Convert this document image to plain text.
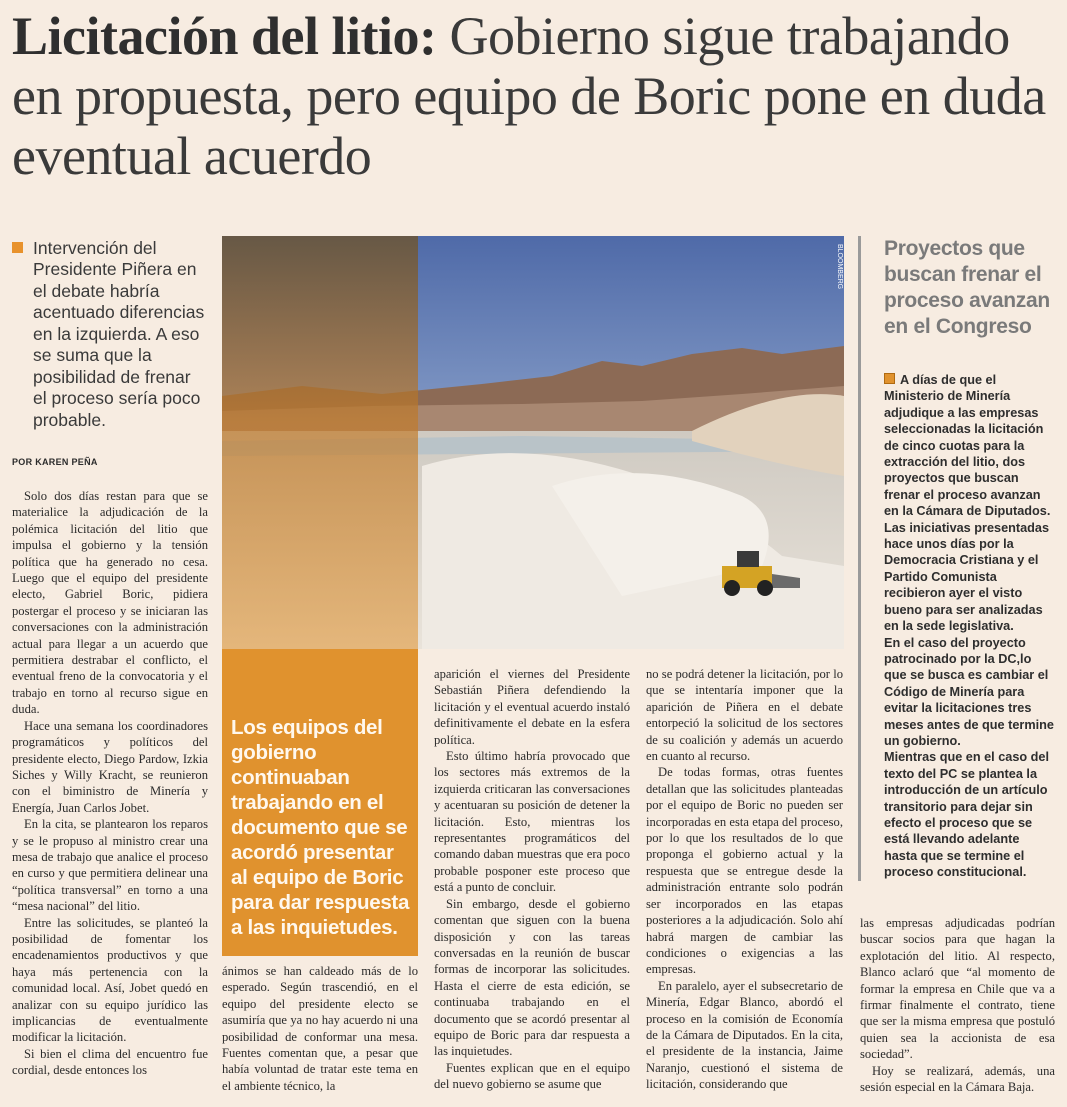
Licitación del litio: Gobierno sigue trabajando en propuesta, pero equipo de Boric pone en duda eventual acuerdo
Intervención del Presidente Piñera en el debate habría acentuado diferencias en la izquierda. A eso se suma que la posibilidad de frenar el proceso sería poco probable.
POR KAREN PEÑA

Solo dos días restan para que se materialice la adjudicación de la polémica licitación del litio que impulsa el gobierno y la tensión política que ha generado no cesa. Luego que el equipo del presidente electo, Gabriel Boric, pidiera postergar el proceso y se iniciaran las conversaciones con la administración actual para llegar a un acuerdo que permitiera destrabar el conflicto, el eventual freno de la convocatoria y el trabajo en torno al recurso sigue en duda.

Hace una semana los coordinadores programáticos y políticos del presidente electo, Diego Pardow, Izkia Siches y Willy Kracht, se reunieron con el biministro de Minería y Energía, Juan Carlos Jobet.

En la cita, se plantearon los reparos y se le propuso al ministro crear una mesa de trabajo que analice el proceso en curso y que permitiera delinear una “política transversal” en torno a una “mesa nacional” del litio.

Entre las solicitudes, se planteó la posibilidad de fomentar los encadenamientos productivos y que haya más pertenencia con la comunidad local. Así, Jobet quedó en analizar con su equipo jurídico las implicancias de eventualmente modificar la licitación.

Si bien el clima del encuentro fue cordial, desde entonces los

BLOOMBERG
Los equipos del gobierno continuaban trabajando en el documento que se acordó presentar al equipo de Boric para dar respuesta a las inquietudes.

ánimos se han caldeado más de lo esperado. Según trascendió, en el equipo del presidente electo se asumiría que ya no hay acuerdo ni una posibilidad de conformar una mesa. Fuentes comentan que, a pesar que había voluntad de tratar este tema en el ambiente técnico, la

aparición el viernes del Presidente Sebastián Piñera defendiendo la licitación y el eventual acuerdo instaló definitivamente el debate en la esfera política.

Esto último habría provocado que los sectores más extremos de la izquierda criticaran las conversaciones y acentuaran su posición de detener la licitación. Esto, mientras los representantes programáticos del comando daban muestras que era poco probable posponer este proceso que está a punto de concluir.

Sin embargo, desde el gobierno comentan que siguen con la buena disposición y con las tareas conversadas en la reunión de buscar formas de incorporar las solicitudes. Hasta el cierre de esta edición, se continuaba trabajando en el documento que se acordó presentar al equipo de Boric para dar respuesta a las inquietudes.

Fuentes explican que en el equipo del nuevo gobierno se asume que

no se podrá detener la licitación, por lo que se intentaría imponer que la aparición de Piñera en el debate entorpeció la solicitud de los sectores de su coalición y además un acuerdo en cuanto al recurso.

De todas formas, otras fuentes detallan que las solicitudes planteadas por el equipo de Boric no pueden ser incorporadas en esta etapa del proceso, por lo que los resultados de lo que proponga el gobierno actual y la respuesta que se entregue desde la administración entrante solo podrán ser incorporados en las etapas posteriores a la adjudicación. Solo ahí habrá margen de cambiar las condiciones o exigencias a las empresas.

En paralelo, ayer el subsecretario de Minería, Edgar Blanco, abordó el proceso en la comisión de Economía de la Cámara de Diputados. En la cita, el presidente de la instancia, Jaime Naranjo, cuestionó el sistema de licitación, considerando que

Proyectos que buscan frenar el proceso avanzan en el Congreso

A días de que el Ministerio de Minería adjudique a las empresas seleccionadas la licitación de cinco cuotas para la extracción del litio, dos proyectos que buscan frenar el proceso avanzan en la Cámara de Diputados.

Las iniciativas presentadas hace unos días por la Democracia Cristiana y el Partido Comunista recibieron ayer el visto bueno para ser analizadas en la sede legislativa.

En el caso del proyecto patrocinado por la DC,lo que se busca es cambiar el Código de Minería para evitar la licitaciones tres meses antes de que termine un gobierno.

Mientras que en el caso del texto del PC se plantea la introducción de un artículo transitorio para dejar sin efecto el proceso que se está llevando adelante hasta que se termine el proceso constitucional.

las empresas adjudicadas podrían buscar socios para que hagan la explotación del litio. Al respecto, Blanco aclaró que “al momento de formar la empresa en Chile que va a firmar finalmente el contrato, tiene que ser la misma empresa que postuló quien sea la accionista de esa sociedad”.

Hoy se realizará, además, una sesión especial en la Cámara Baja.
